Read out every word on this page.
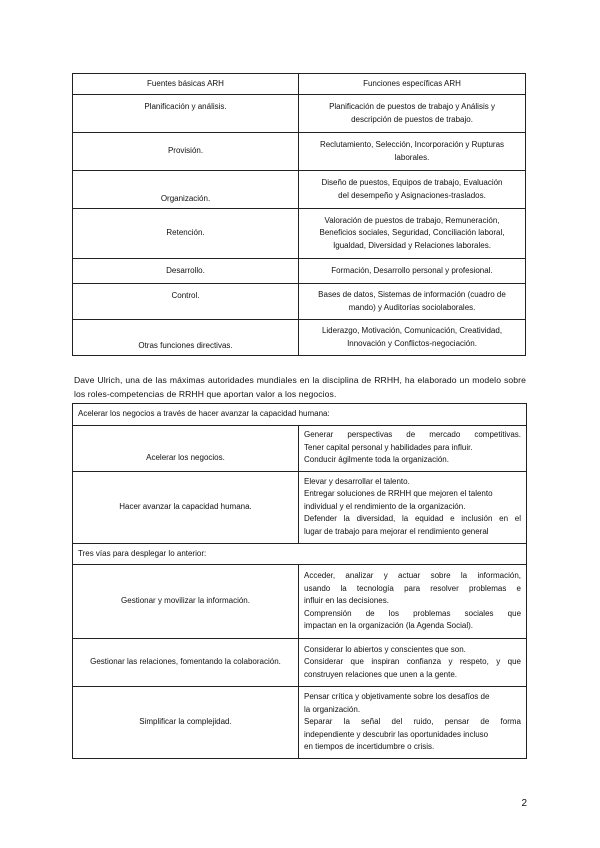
Fuentes básicas ARH	Funciones específicas ARH
Planificación y análisis.	Planificación de puestos de trabajo y Análisis y
descripción de puestos de trabajo.
Provisión.	Reclutamiento, Selección, Incorporación y Rupturas
laborales.
Organización.	Diseño de puestos, Equipos de trabajo, Evaluación
del desempeño y Asignaciones-traslados.
Retención.	Valoración de puestos de trabajo, Remuneración,
Beneficios sociales, Seguridad, Conciliación laboral,
Igualdad, Diversidad y Relaciones laborales.
Desarrollo.	Formación, Desarrollo personal y profesional.
Control.	Bases de datos, Sistemas de información (cuadro de
mando) y Auditorías sociolaborales.
Otras funciones directivas.	Liderazgo, Motivación, Comunicación, Creatividad,
Innovación y Conflictos-negociación.

Dave Ulrich, una de las máximas autoridades mundiales en la disciplina de RRHH, ha elaborado un modelo sobre los roles-competencias de RRHH que aportan valor a los negocios.

Acelerar los negocios a través de hacer avanzar la capacidad humana:	
Acelerar los negocios.	Generar perspectivas de mercado competitivas.
Tener capital personal y habilidades para influir.
Conducir ágilmente toda la organización.

Hacer avanzar la capacidad humana.	Elevar y desarrollar el talento.
Entregar soluciones de RRHH que mejoren el talento
individual y el rendimiento de la organización.
Defender la diversidad, la equidad e inclusión en el
lugar de trabajo para mejorar el rendimiento general

Tres vías para desplegar lo anterior:	
Gestionar y movilizar la información.	Acceder, analizar y actuar sobre la información,
usando la tecnología para resolver problemas e
influir en las decisiones.
Comprensión de los problemas sociales que
impactan en la organización (la Agenda Social).

Gestionar las relaciones, fomentando la colaboración.	Considerar lo abiertos y conscientes que son.
Considerar que inspiran confianza y respeto, y que
construyen relaciones que unen a la gente.

Simplificar la complejidad.	Pensar crítica y objetivamente sobre los desafíos de
la organización.
Separar la señal del ruido, pensar de forma
independiente y descubrir las oportunidades incluso
en tiempos de incertidumbre o crisis.
2
